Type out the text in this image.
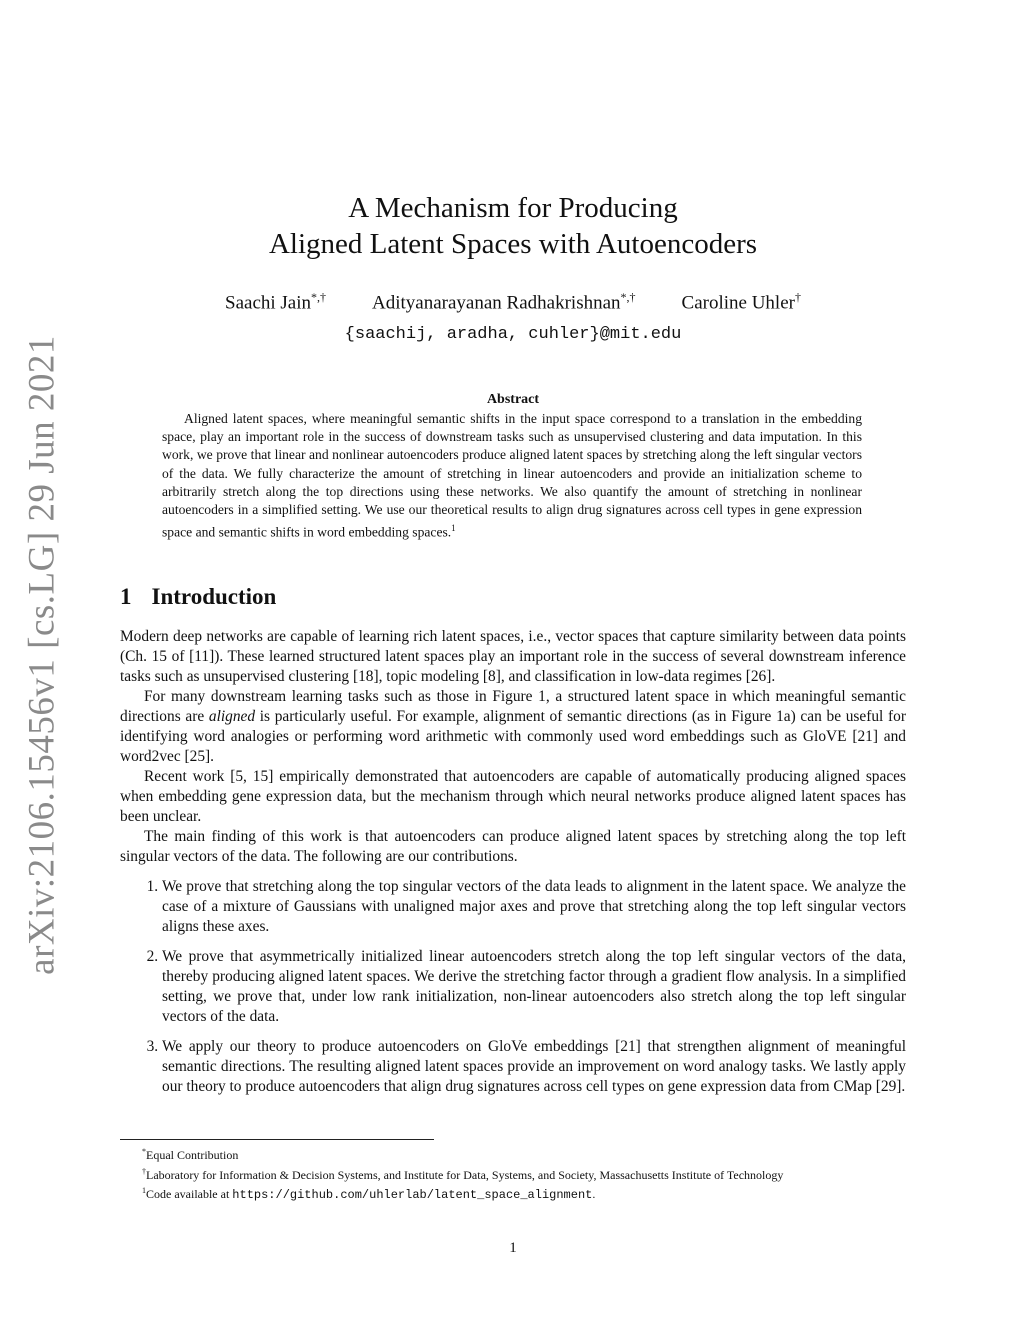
arXiv:2106.15456v1 [cs.LG] 29 Jun 2021
A Mechanism for Producing
Aligned Latent Spaces with Autoencoders
Saachi Jain*,† Adityanarayanan Radhakrishnan*,† Caroline Uhler†
{saachij, aradha, cuhler}@mit.edu
Abstract
Aligned latent spaces, where meaningful semantic shifts in the input space correspond to a translation in the embedding space, play an important role in the success of downstream tasks such as unsupervised clustering and data imputation. In this work, we prove that linear and nonlinear autoencoders produce aligned latent spaces by stretching along the left singular vectors of the data. We fully characterize the amount of stretching in linear autoencoders and provide an initialization scheme to arbitrarily stretch along the top directions using these networks. We also quantify the amount of stretching in nonlinear autoencoders in a simplified setting. We use our theoretical results to align drug signatures across cell types in gene expression space and semantic shifts in word embedding spaces.$^1$
1 Introduction

Modern deep networks are capable of learning rich latent spaces, i.e., vector spaces that capture similarity between data points (Ch. 15 of [11]). These learned structured latent spaces play an important role in the success of several downstream inference tasks such as unsupervised clustering [18], topic modeling [8], and classification in low-data regimes [26].

For many downstream learning tasks such as those in Figure 1, a structured latent space in which meaningful semantic directions are aligned is particularly useful. For example, alignment of semantic directions (as in Figure 1a) can be useful for identifying word analogies or performing word arithmetic with commonly used word embeddings such as GloVE [21] and word2vec [25].

Recent work [5, 15] empirically demonstrated that autoencoders are capable of automatically producing aligned spaces when embedding gene expression data, but the mechanism through which neural networks produce aligned latent spaces has been unclear.

The main finding of this work is that autoencoders can produce aligned latent spaces by stretching along the top left singular vectors of the data. The following are our contributions.

1. We prove that stretching along the top singular vectors of the data leads to alignment in the latent space. We analyze the case of a mixture of Gaussians with unaligned major axes and prove that stretching along the top left singular vectors aligns these axes.
2. We prove that asymmetrically initialized linear autoencoders stretch along the top left singular vectors of the data, thereby producing aligned latent spaces. We derive the stretching factor through a gradient flow analysis. In a simplified setting, we prove that, under low rank initialization, non-linear autoencoders also stretch along the top left singular vectors of the data.
3. We apply our theory to produce autoencoders on GloVe embeddings [21] that strengthen alignment of meaningful semantic directions. The resulting aligned latent spaces provide an improvement on word analogy tasks. We lastly apply our theory to produce autoencoders that align drug signatures across cell types on gene expression data from CMap [29].
*Equal Contribution
†Laboratory for Information & Decision Systems, and Institute for Data, Systems, and Society, Massachusetts Institute of Technology
$^1$Code available at https://github.com/uhlerlab/latent_space_alignment.
1
